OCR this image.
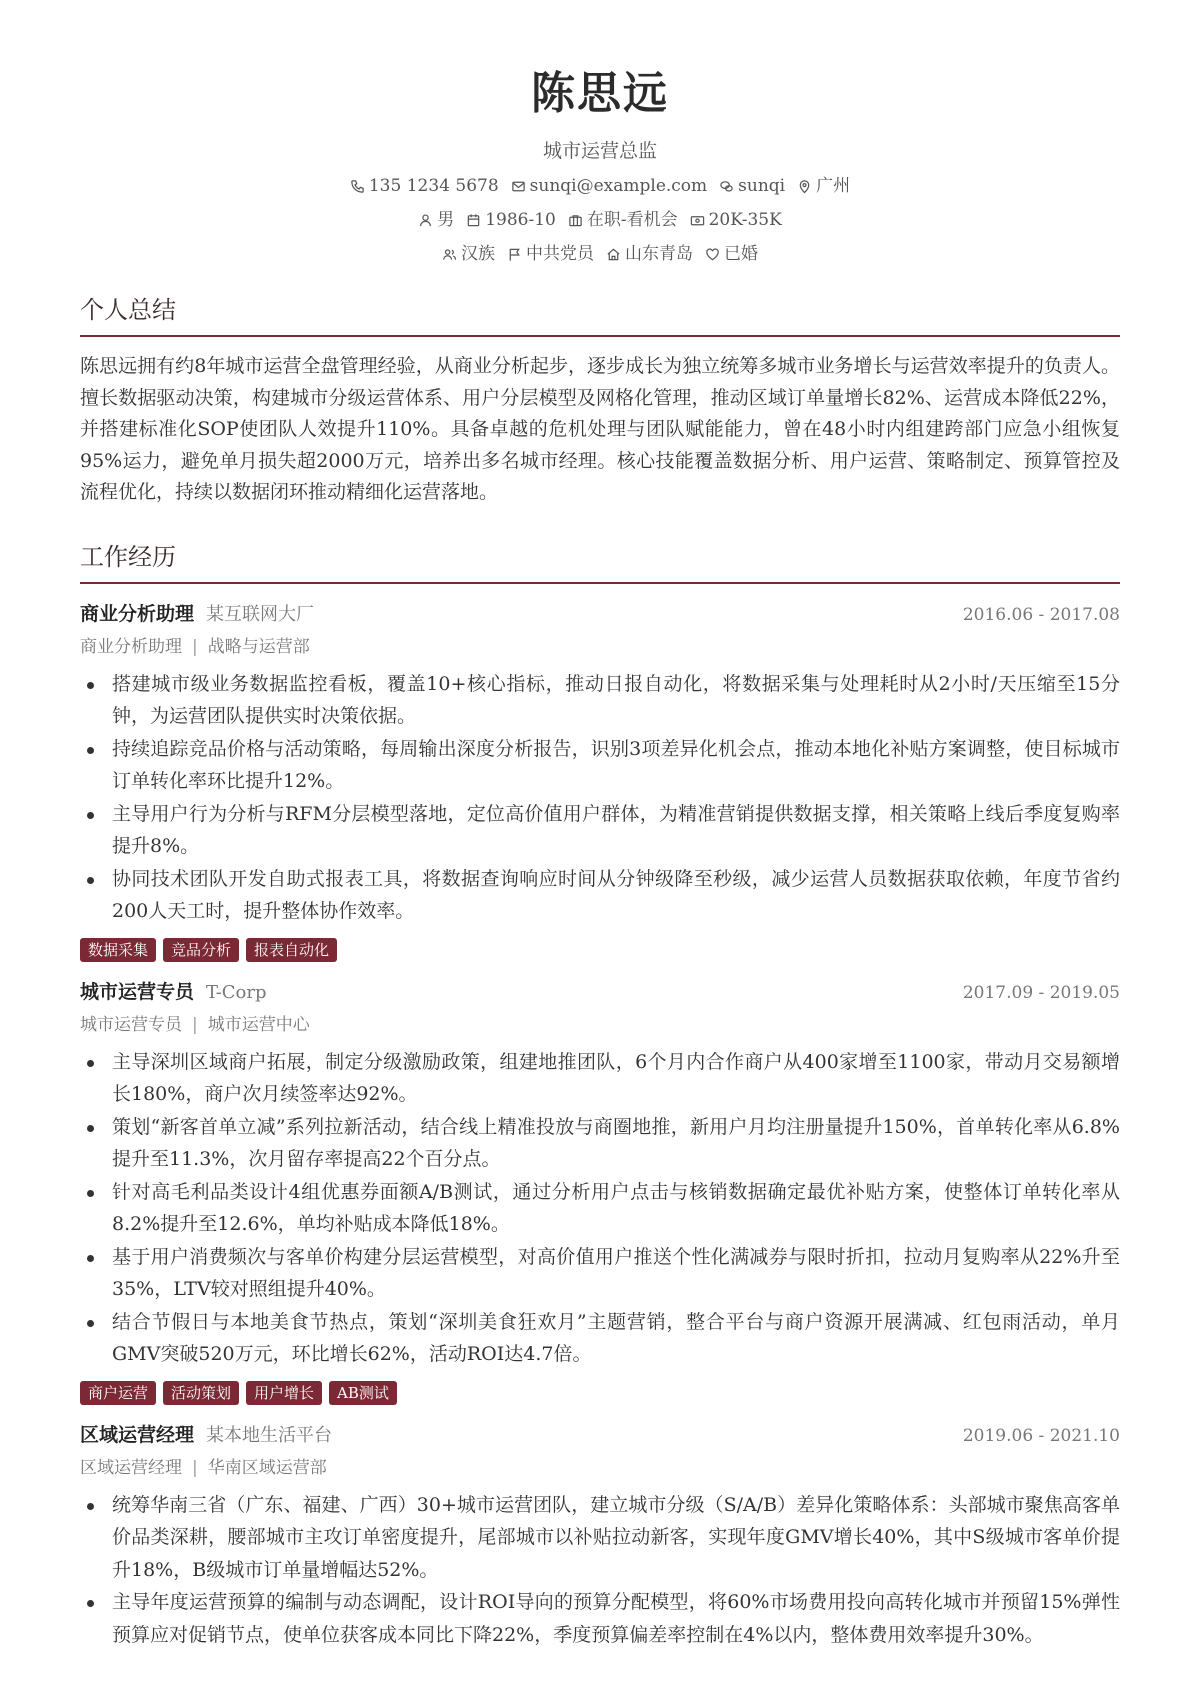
陈思远
城市运营总监
135 1234 5678 sunqi@example.com sunqi 广州
男 1986-10 在职-看机会 20K-35K
汉族 中共党员 山东青岛 已婚
个人总结

陈思远拥有约8年城市运营全盘管理经验，从商业分析起步，逐步成长为独立统筹多城市业务增长与运营效率提升的负责人。擅长数据驱动决策，构建城市分级运营体系、用户分层模型及网格化管理，推动区域订单量增长82%、运营成本降低22%，并搭建标准化SOP使团队人效提升110%。具备卓越的危机处理与团队赋能能力，曾在48小时内组建跨部门应急小组恢复95%运力，避免单月损失超2000万元，培养出多名城市经理。核心技能覆盖数据分析、用户运营、策略制定、预算管控及流程优化，持续以数据闭环推动精细化运营落地。

工作经历
商业分析助理 某互联网大厂	2016.06 - 2017.08
商业分析助理 | 战略与运营部
搭建城市级业务数据监控看板，覆盖10+核心指标，推动日报自动化，将数据采集与处理耗时从2小时/天压缩至15分钟，为运营团队提供实时决策依据。
持续追踪竞品价格与活动策略，每周输出深度分析报告，识别3项差异化机会点，推动本地化补贴方案调整，使目标城市订单转化率环比提升12%。
主导用户行为分析与RFM分层模型落地，定位高价值用户群体，为精准营销提供数据支撑，相关策略上线后季度复购率提升8%。
协同技术团队开发自助式报表工具，将数据查询响应时间从分钟级降至秒级，减少运营人员数据获取依赖，年度节省约200人天工时，提升整体协作效率。
数据采集	竞品分析	报表自动化
城市运营专员 T-Corp	2017.09 - 2019.05
城市运营专员 | 城市运营中心
主导深圳区域商户拓展，制定分级激励政策，组建地推团队，6个月内合作商户从400家增至1100家，带动月交易额增长180%，商户次月续签率达92%。
策划“新客首单立减”系列拉新活动，结合线上精准投放与商圈地推，新用户月均注册量提升150%，首单转化率从6.8%提升至11.3%，次月留存率提高22个百分点。
针对高毛利品类设计4组优惠券面额A/B测试，通过分析用户点击与核销数据确定最优补贴方案，使整体订单转化率从8.2%提升至12.6%，单均补贴成本降低18%。
基于用户消费频次与客单价构建分层运营模型，对高价值用户推送个性化满减券与限时折扣，拉动月复购率从22%升至35%，LTV较对照组提升40%。
结合节假日与本地美食节热点，策划“深圳美食狂欢月”主题营销，整合平台与商户资源开展满减、红包雨活动，单月GMV突破520万元，环比增长62%，活动ROI达4.7倍。
商户运营	活动策划	用户增长	AB测试
区域运营经理 某本地生活平台	2019.06 - 2021.10
区域运营经理 | 华南区域运营部
统筹华南三省（广东、福建、广西）30+城市运营团队，建立城市分级（S/A/B）差异化策略体系：头部城市聚焦高客单价品类深耕，腰部城市主攻订单密度提升，尾部城市以补贴拉动新客，实现年度GMV增长40%，其中S级城市客单价提升18%，B级城市订单量增幅达52%。
主导年度运营预算的编制与动态调配，设计ROI导向的预算分配模型，将60%市场费用投向高转化城市并预留15%弹性预算应对促销节点，使单位获客成本同比下降22%，季度预算偏差率控制在4%以内，整体费用效率提升30%。
